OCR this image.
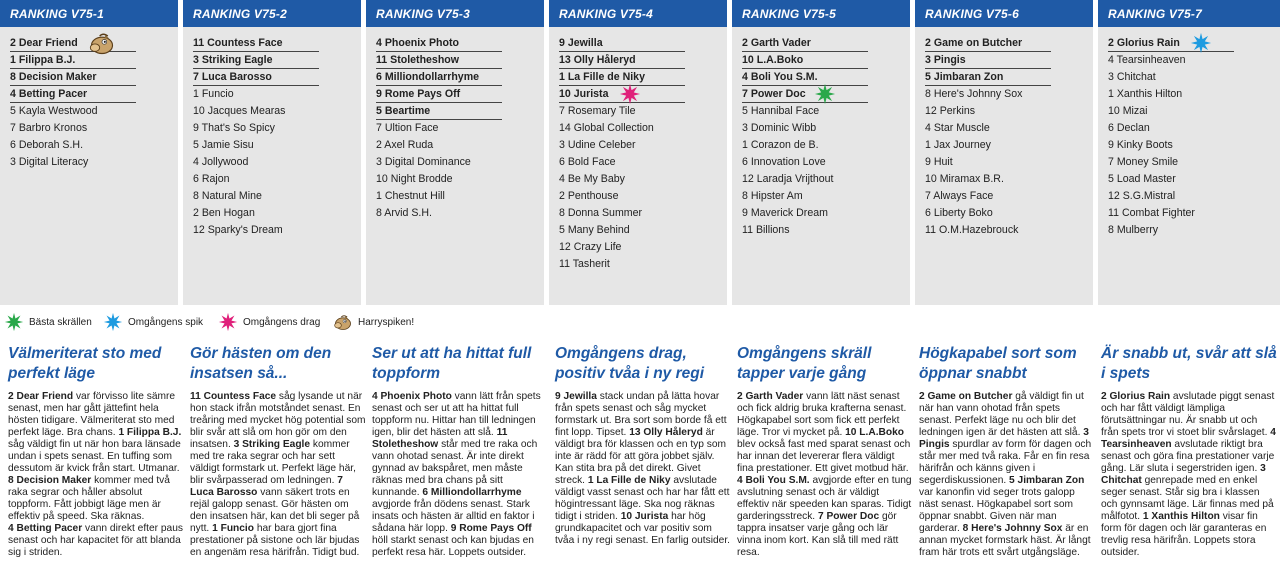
RANKING V75-1
2 Dear Friend
1 Filippa B.J.
8 Decision Maker
4 Betting Pacer
5 Kayla Westwood
7 Barbro Kronos
6 Deborah S.H.
3 Digital Literacy
RANKING V75-2
11 Countess Face
3 Striking Eagle
7 Luca Barosso
1 Funcio
10 Jacques Mearas
9 That's So Spicy
5 Jamie Sisu
4 Jollywood
6 Rajon
8 Natural Mine
2 Ben Hogan
12 Sparky's Dream
RANKING V75-3
4 Phoenix Photo
11 Stoletheshow
6 Milliondollarrhyme
9 Rome Pays Off
5 Beartime
7 Ultion Face
2 Axel Ruda
3 Digital Dominance
10 Night Brodde
1 Chestnut Hill
8 Arvid S.H.
RANKING V75-4
9 Jewilla
13 Olly Håleryd
1 La Fille de Niky
10 Jurista
7 Rosemary Tile
14 Global Collection
3 Udine Celeber
6 Bold Face
4 Be My Baby
2 Penthouse
8 Donna Summer
5 Many Behind
12 Crazy Life
11 Tasherit
RANKING V75-5
2 Garth Vader
10 L.A.Boko
4 Boli You S.M.
7 Power Doc
5 Hannibal Face
3 Dominic Wibb
1 Corazon de B.
6 Innovation Love
12 Laradja Vrijthout
8 Hipster Am
9 Maverick Dream
11 Billions
RANKING V75-6
2 Game on Butcher
3 Pingis
5 Jimbaran Zon
8 Here's Johnny Sox
12 Perkins
4 Star Muscle
1 Jax Journey
9 Huit
10 Miramax B.R.
7 Always Face
6 Liberty Boko
11 O.M.Hazebrouck
RANKING V75-7
2 Glorius Rain
4 Tearsinheaven
3 Chitchat
1 Xanthis Hilton
10 Mizai
6 Declan
9 Kinky Boots
7 Money Smile
5 Load Master
12 S.G.Mistral
11 Combat Fighter
8 Mulberry
Bästa skrällen	Omgångens spik	Omgångens drag	Harryspiken!
Välmeriterat sto med perfekt läge
2 Dear Friend var förvisso lite sämre senast, men har gått jättefint hela hösten tidigare. Välmeriterat sto med perfekt läge. Bra chans. 1 Filippa B.J. såg väldigt fin ut när hon bara länsade undan i spets senast. En tuffing som dessutom är kvick från start. Utmanar.
8 Decision Maker kommer med två raka segrar och håller absolut toppform. Fått jobbigt läge men är effektiv på speed. Ska räknas.
4 Betting Pacer vann direkt efter paus senast och har kapacitet för att blanda sig i striden.
Gör hästen om den insatsen så...
11 Countess Face såg lysande ut när hon stack ifrån motståndet senast. En treåring med mycket hög potential som blir svår att slå om hon gör om den insatsen. 3 Striking Eagle kommer med tre raka segrar och har sett väldigt formstark ut. Perfekt läge här, blir svårpasserad om ledningen. 7 Luca Barosso vann säkert trots en rejäl galopp senast. Gör hästen om den insatsen här, kan det bli seger på nytt. 1 Funcio har bara gjort fina prestationer på sistone och lär bjudas en angenäm resa härifrån. Tidigt bud.
Ser ut att ha hittat full toppform
4 Phoenix Photo vann lätt från spets senast och ser ut att ha hittat full toppform nu. Hittar han till ledningen igen, blir det hästen att slå. 11 Stoletheshow står med tre raka och vann ohotad senast. Är inte direkt gynnad av bakspåret, men måste räknas med bra chans på sitt kunnande. 6 Milliondollarrhyme avgjorde från dödens senast. Stark insats och hästen är alltid en faktor i sådana här lopp. 9 Rome Pays Off höll starkt senast och kan bjudas en perfekt resa här. Loppets outsider.
Omgångens drag, positiv tvåa i ny regi
9 Jewilla stack undan på lätta hovar från spets senast och såg mycket formstark ut. Bra sort som borde få ett fint lopp. Tipset. 13 Olly Håleryd är väldigt bra för klassen och en typ som inte är rädd för att göra jobbet själv. Kan stita bra på det direkt. Givet streck. 1 La Fille de Niky avslutade väldigt vasst senast och har har fått ett högintressant läge. Ska nog räknas tidigt i striden. 10 Jurista har hög grundkapacitet och var positiv som tvåa i ny regi senast. En farlig outsider.
Omgångens skräll tapper varje gång
2 Garth Vader vann lätt näst senast och fick aldrig bruka krafterna senast. Högkapabel sort som fick ett perfekt läge. Tror vi mycket på. 10 L.A.Boko blev också fast med sparat senast och har innan det levererar flera väldigt fina prestationer. Ett givet motbud här. 4 Boli You S.M. avgjorde efter en tung avslutning senast och är väldigt effektiv när speeden kan sparas. Tidigt garderingsstreck. 7 Power Doc gör tappra insatser varje gång och lär vinna inom kort. Kan slå till med rätt resa.
Högkapabel sort som öppnar snabbt
2 Game on Butcher gå väldigt fin ut när han vann ohotad från spets senast. Perfekt läge nu och blir det ledningen igen är det hästen att slå. 3 Pingis spurdlar av form för dagen och står mer med två raka. Får en fin resa härifrån och känns given i segerdiskussionen. 5 Jimbaran Zon var kanonfin vid seger trots galopp näst senast. Högkapabel sort som öppnar snabbt. Given när man garderar. 8 Here's Johnny Sox är en annan mycket formstark häst. Är långt fram här trots ett svårt utgångsläge.
Är snabb ut, svår att slå i spets
2 Glorius Rain avslutade piggt senast och har fått väldigt lämpliga förutsättningar nu. Är snabb ut och från spets tror vi stoet blir svårslaget. 4 Tearsinheaven avslutade riktigt bra senast och göra fina prestationer varje gång. Lär sluta i segerstriden igen. 3 Chitchat genrepade med en enkel seger senast. Står sig bra i klassen och gynnsamt läge. Lär finnas med på målfotot. 1 Xanthis Hilton visar fin form för dagen och lär garanteras en trevlig resa härifrån. Loppets stora outsider.
